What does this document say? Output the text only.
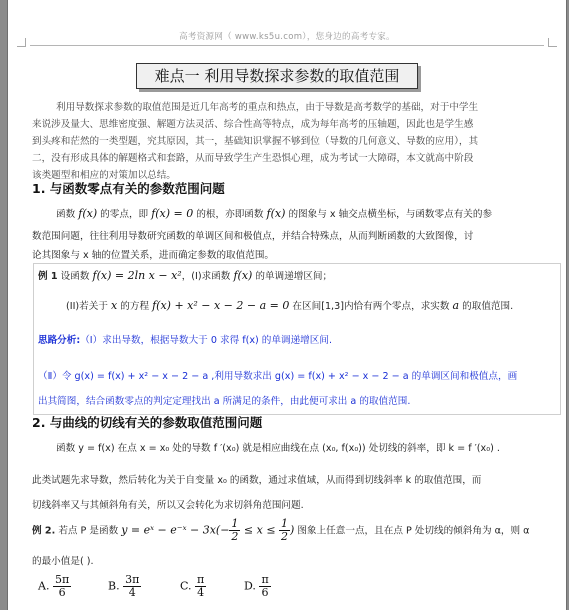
高考资源网（ www.ks5u.com），您身边的高考专家。
难点一 利用导数探求参数的取值范围
利用导数探求参数的取值范围是近几年高考的重点和热点，由于导数是高考数学的基础，对于中学生
来说涉及量大、思维密度强、解题方法灵活、综合性高等特点，成为每年高考的压轴题，因此也是学生感
到头疼和茫然的一类型题，究其原因，其一，基础知识掌握不够到位（导数的几何意义、导数的应用），其
二，没有形成具体的解题格式和套路，从而导致学生产生恐惧心理，成为考试一大障碍，本文就高中阶段
该类题型和相应的对策加以总结。
1. 与函数零点有关的参数范围问题
函数 f(x) 的零点，即 f(x) = 0 的根，亦即函数 f(x) 的图象与 x 轴交点横坐标，与函数零点有关的参
数范围问题，往往利用导数研究函数的单调区间和极值点，并结合特殊点，从而判断函数的大致图像，讨
论其图象与 x 轴的位置关系，进而确定参数的取值范围。
例 1 设函数 f(x) = 2ln x − x²，(I)求函数 f(x) 的单调递增区间；
(II)若关于 x 的方程 f(x) + x² − x − 2 − a = 0 在区间[1,3]内恰有两个零点，求实数 a 的取值范围.
思路分析:（Ⅰ）求出导数，根据导数大于 0 求得 f(x) 的单调递增区间.
（Ⅱ）令 g(x) = f(x) + x² − x − 2 − a ,利用导数求出 g(x) = f(x) + x² − x − 2 − a 的单调区间和极值点，画
出其简图，结合函数零点的判定定理找出 a 所满足的条件，由此便可求出 a 的取值范围.
2. 与曲线的切线有关的参数取值范围问题
函数 y = f(x) 在点 x = x₀ 处的导数 f ′(x₀) 就是相应曲线在点 (x₀, f(x₀)) 处切线的斜率，即 k = f ′(x₀) .
此类试题先求导数，然后转化为关于自变量 x₀ 的函数，通过求值域，从而得到切线斜率 k 的取值范围，而
切线斜率又与其倾斜角有关，所以又会转化为求切斜角范围问题.
例 2. 若点 P 是函数 y = eˣ − e⁻ˣ − $3x(- \frac{1}{2} \le x \le \frac{1}{2}$ ) 图象上任意一点，且在点 P 处切线的倾斜角为 α，则 α
的最小值是( ).
A. $\frac{5\pi}{6}$	B. $\frac{3\pi}{4}$	C. $\frac{\pi}{4}$	D. $\frac{\pi}{6}$
